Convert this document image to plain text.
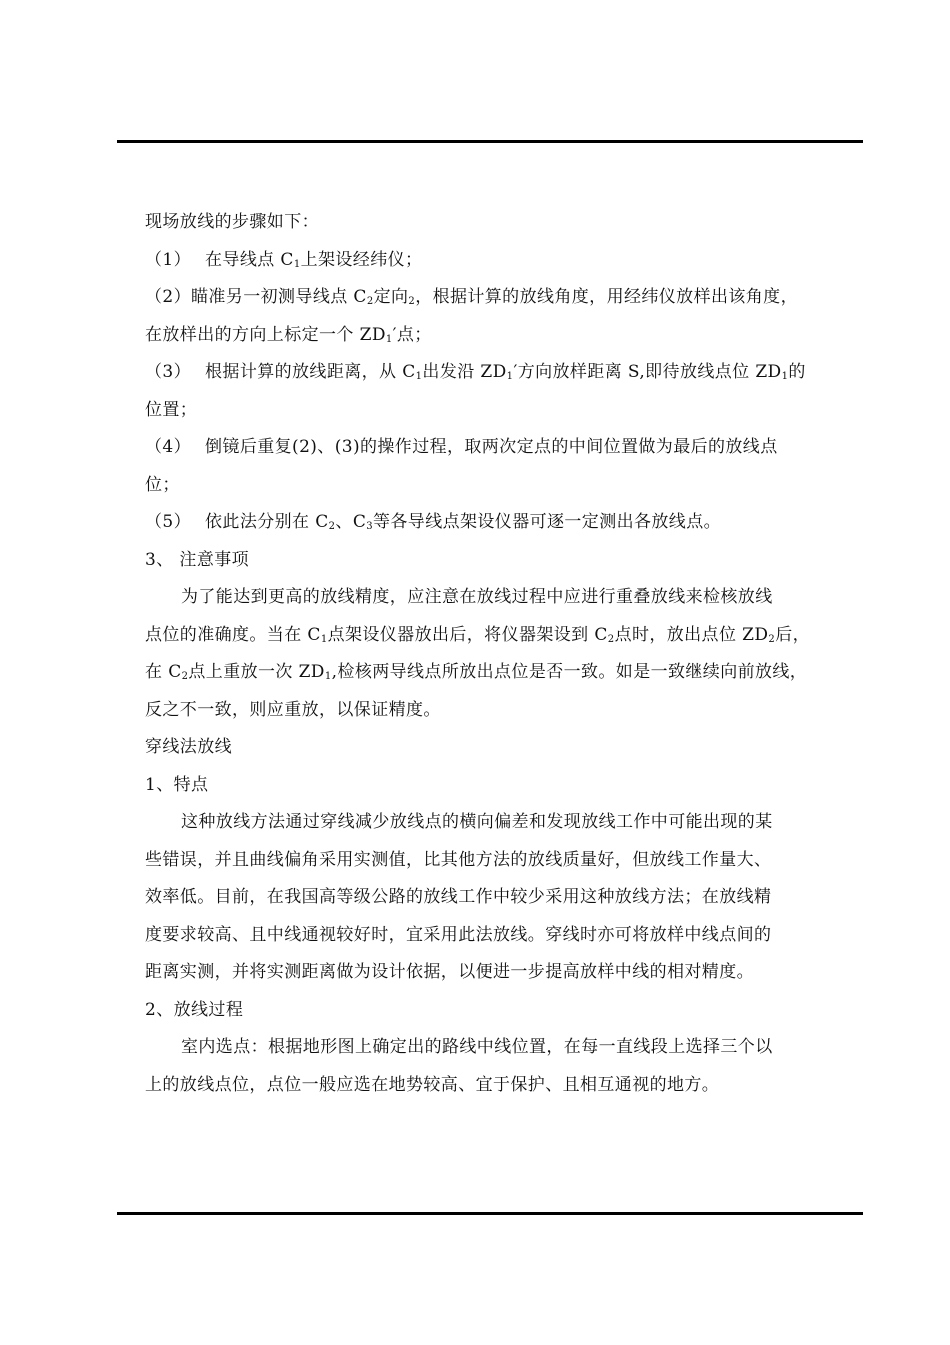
现场放线的步骤如下：
（1） 在导线点 $C_1$上架设经纬仪；
（2）瞄准另一初测导线点 $C_2$定向$_2$，根据计算的放线角度，用经纬仪放样出该角度，
在放样出的方向上标定一个 $ZD_1'$点；
（3） 根据计算的放线距离，从 $C_1$出发沿 $ZD_1'$方向放样距离 S,即待放线点位 $ZD_1$的
位置；
（4） 倒镜后重复(2)、(3)的操作过程，取两次定点的中间位置做为最后的放线点
位；
（5） 依此法分别在 $C_2$、$C_3$等各导线点架设仪器可逐一定测出各放线点。
3、 注意事项
为了能达到更高的放线精度，应注意在放线过程中应进行重叠放线来检核放线
点位的准确度。当在 $C_1$点架设仪器放出后，将仪器架设到 $C_2$点时，放出点位 $ZD_2$后，
在 $C_2$点上重放一次 $ZD_1$,检核两导线点所放出点位是否一致。如是一致继续向前放线，
反之不一致，则应重放，以保证精度。
穿线法放线
1、特点
这种放线方法通过穿线减少放线点的横向偏差和发现放线工作中可能出现的某
些错误，并且曲线偏角采用实测值，比其他方法的放线质量好，但放线工作量大、
效率低。目前，在我国高等级公路的放线工作中较少采用这种放线方法；在放线精
度要求较高、且中线通视较好时，宜采用此法放线。穿线时亦可将放样中线点间的
距离实测，并将实测距离做为设计依据，以便进一步提高放样中线的相对精度。
2、放线过程
室内选点：根据地形图上确定出的路线中线位置，在每一直线段上选择三个以
上的放线点位，点位一般应选在地势较高、宜于保护、且相互通视的地方。
